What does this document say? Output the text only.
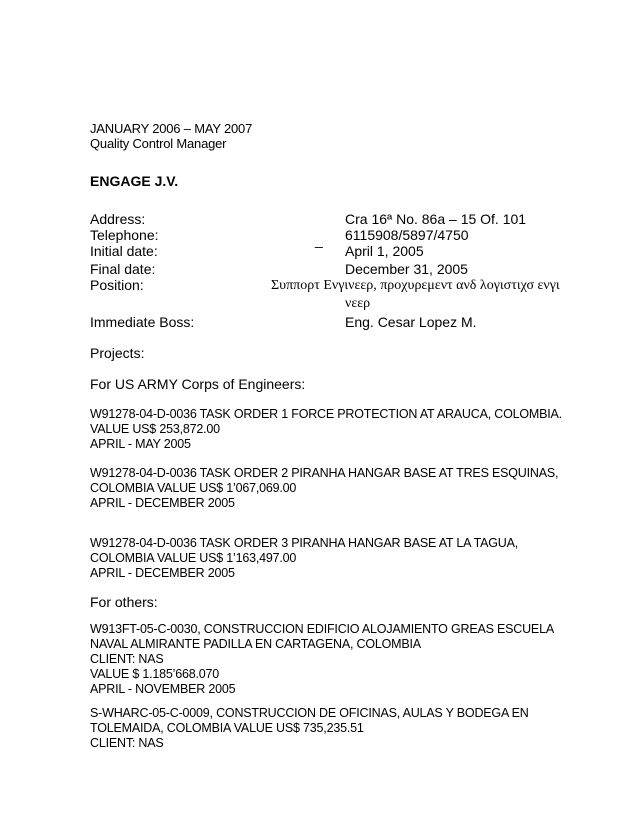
JANUARY 2006 – MAY 2007
Quality Control Manager
ENGAGE J.V.
Address:	Cra 16ª No. 86a – 15 Of. 101
Telephone:	6115908/5897/4750
_
Initial date:	April 1, 2005
Final date:	December 31, 2005
Position:	Συππορτ Ενγινεερ, προχυρεμεντ ανδ λογιστιχσ ενγι
νεερ
Immediate Boss:	Eng. Cesar Lopez M.
Projects:
For US ARMY Corps of Engineers:
W91278-04-D-0036 TASK ORDER 1 FORCE PROTECTION AT ARAUCA, COLOMBIA.
VALUE US$ 253,872.00
APRIL - MAY 2005
W91278-04-D-0036 TASK ORDER 2 PIRANHA HANGAR BASE AT TRES ESQUINAS,
COLOMBIA VALUE US$ 1’067,069.00
APRIL - DECEMBER 2005
W91278-04-D-0036 TASK ORDER 3 PIRANHA HANGAR BASE AT LA TAGUA,
COLOMBIA VALUE US$ 1’163,497.00
APRIL - DECEMBER 2005
For others:
W913FT-05-C-0030, CONSTRUCCION EDIFICIO ALOJAMIENTO GREAS ESCUELA
NAVAL ALMIRANTE PADILLA EN CARTAGENA, COLOMBIA
CLIENT: NAS
VALUE $ 1.185’668.070
APRIL - NOVEMBER 2005
S-WHARC-05-C-0009, CONSTRUCCION DE OFICINAS, AULAS Y BODEGA EN
TOLEMAIDA, COLOMBIA VALUE US$ 735,235.51
CLIENT: NAS
